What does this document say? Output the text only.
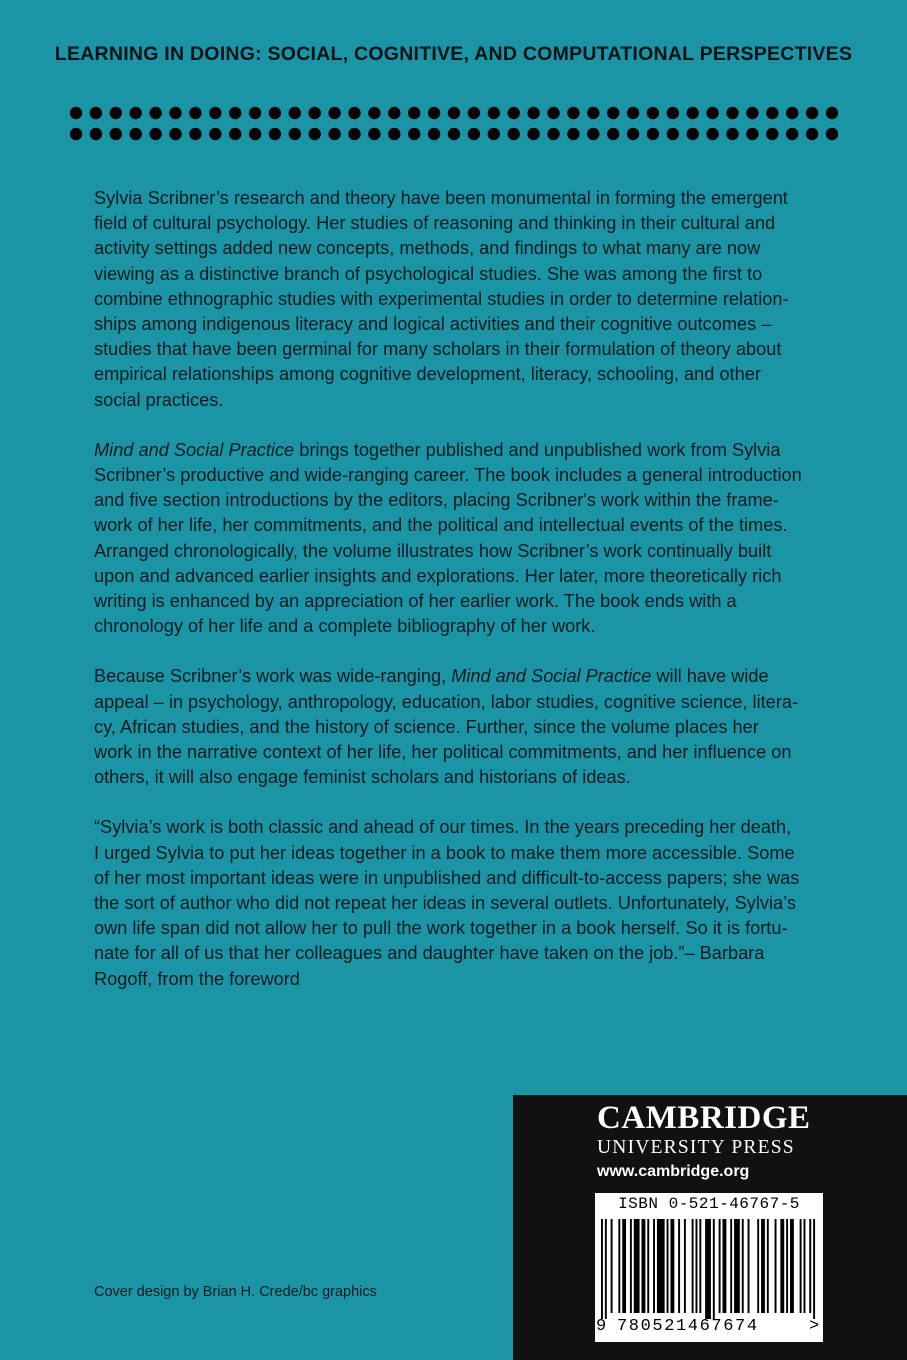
LEARNING IN DOING: SOCIAL, COGNITIVE, AND COMPUTATIONAL PERSPECTIVES

Sylvia Scribner’s research and theory have been monumental in forming the emergent
field of cultural psychology. Her studies of reasoning and thinking in their cultural and
activity settings added new concepts, methods, and findings to what many are now
viewing as a distinctive branch of psychological studies. She was among the first to
combine ethnographic studies with experimental studies in order to determine relation-
ships among indigenous literacy and logical activities and their cognitive outcomes –
studies that have been germinal for many scholars in their formulation of theory about
empirical relationships among cognitive development, literacy, schooling, and other
social practices.

Mind and Social Practice brings together published and unpublished work from Sylvia
Scribner’s productive and wide-ranging career. The book includes a general introduction
and five section introductions by the editors, placing Scribner's work within the frame-
work of her life, her commitments, and the political and intellectual events of the times.
Arranged chronologically, the volume illustrates how Scribner’s work continually built
upon and advanced earlier insights and explorations. Her later, more theoretically rich
writing is enhanced by an appreciation of her earlier work. The book ends with a
chronology of her life and a complete bibliography of her work.

Because Scribner’s work was wide-ranging, Mind and Social Practice will have wide
appeal – in psychology, anthropology, education, labor studies, cognitive science, litera-
cy, African studies, and the history of science. Further, since the volume places her
work in the narrative context of her life, her political commitments, and her influence on
others, it will also engage feminist scholars and historians of ideas.

“Sylvia’s work is both classic and ahead of our times. In the years preceding her death,
I urged Sylvia to put her ideas together in a book to make them more accessible. Some
of her most important ideas were in unpublished and difficult-to-access papers; she was
the sort of author who did not repeat her ideas in several outlets. Unfortunately, Sylvia’s
own life span did not allow her to pull the work together in a book herself. So it is fortu-
nate for all of us that her colleagues and daughter have taken on the job.”– Barbara
Rogoff, from the foreword

Cover design by Brian H. Crede/bc graphics
CAMBRIDGE
UNIVERSITY PRESS
www.cambridge.org
ISBN 0-521-46767-5
9 780521467674	>
